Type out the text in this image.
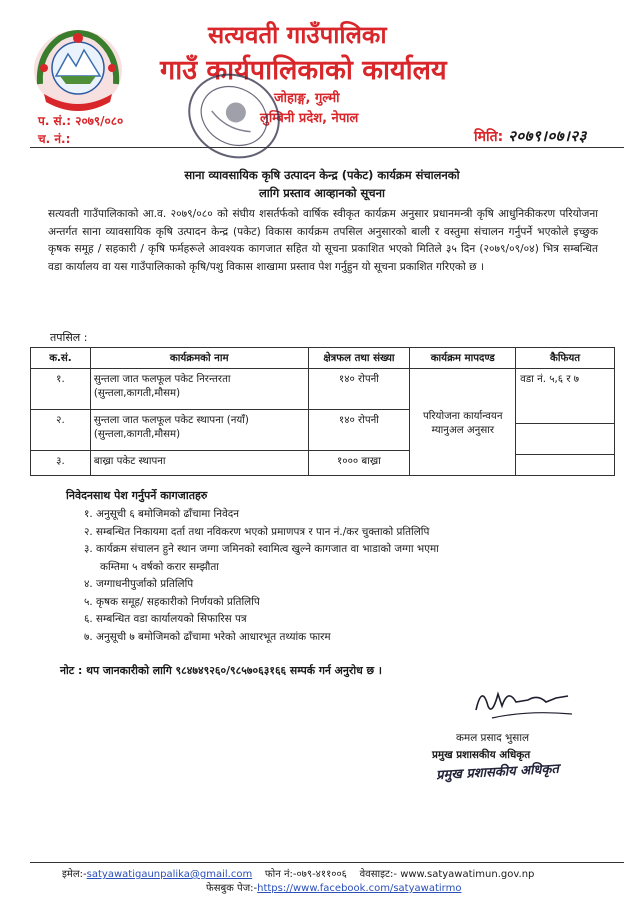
सत्यवती गाउँपालिका
गाउँ कार्यपालिकाको कार्यालय
जोहाङ्ग, गुल्मी
लुम्बिनी प्रदेश, नेपाल
प. सं.: २०७९/०८०
च. नं.:	मिति: २०७९।०७।२३
साना व्यावसायिक कृषि उत्पादन केन्द्र (पकेट) कार्यक्रम संचालनको
लागि प्रस्ताव आव्हानको सूचना
सत्यवती गाउँपालिकाको आ.व. २०७९/०८० को संघीय शसर्तर्फको वार्षिक स्वीकृत कार्यक्रम अनुसार प्रधानमन्त्री कृषि आधुनिकीकरण परियोजना अन्तर्गत साना व्यावसायिक कृषि उत्पादन केन्द्र (पकेट) विकास कार्यक्रम तपसिल अनुसारको बाली र वस्तुमा संचालन गर्नुपर्ने भएकोले इच्छुक कृषक समूह / सहकारी / कृषि फर्महरूले आवश्यक कागजात सहित यो सूचना प्रकाशित भएको मितिले ३५ दिन (२०७९/०९/०४) भित्र सम्बन्धित वडा कार्यालय वा यस गाउँपालिकाको कृषि/पशु विकास शाखामा प्रस्ताव पेश गर्नुहुन यो सूचना प्रकाशित गरिएको छ ।
तपसिल :
क.सं.	कार्यक्रमको नाम	क्षेत्रफल तथा संख्या	कार्यक्रम मापदण्ड	कैफियत
१.	सुन्तला जात फलफूल पकेट निरन्तरता
(सुन्तला,कागती,मौसम)	१४० रोपनी	परियोजना कार्यान्वयन म्यानुअल अनुसार	वडा नं. ५,६ र ७

२.	सुन्तला जात फलफूल पकेट स्थापना (नयाँ)
(सुन्तला,कागती,मौसम)	१४० रोपनी		
३.	बाख्रा पकेट स्थापना	१००० बाख्रा		
निवेदनसाथ पेश गर्नुपर्ने कागजातहरु
१. अनुसूची ६ बमोजिमको ढाँचामा निवेदन
२. सम्बन्धित निकायमा दर्ता तथा नविकरण भएको प्रमाणपत्र र पान नं./कर चुक्ताको प्रतिलिपि
३. कार्यक्रम संचालन हुने स्थान जग्गा जमिनको स्वामित्व खुल्ने कागजात वा भाडाको जग्गा भएमा
कम्तिमा ५ वर्षको करार सम्झौता
४. जग्गाधनीपुर्जाको प्रतिलिपि
५. कृषक समूह/ सहकारीको निर्णयको प्रतिलिपि
६. सम्बन्धित वडा कार्यालयको सिफारिस पत्र
७. अनुसूची ७ बमोजिमको ढाँचामा भरेको आधारभूत तथ्यांक फारम
नोट : थप जानकारीको लागि ९८४७४९२६०/९८५७०६३१६६ सम्पर्क गर्न अनुरोध छ ।
कमल प्रसाद भुसाल
प्रमुख प्रशासकीय अधिकृत
प्रमुख प्रशासकीय अधिकृत
इमेल:-satyawatigaunpalika@gmail.com फोन नं:-०७९-४११००६ वेवसाइट:- www.satyawatimun.gov.np
फेसबुक पेज:-https://www.facebook.com/satyawatirmo
